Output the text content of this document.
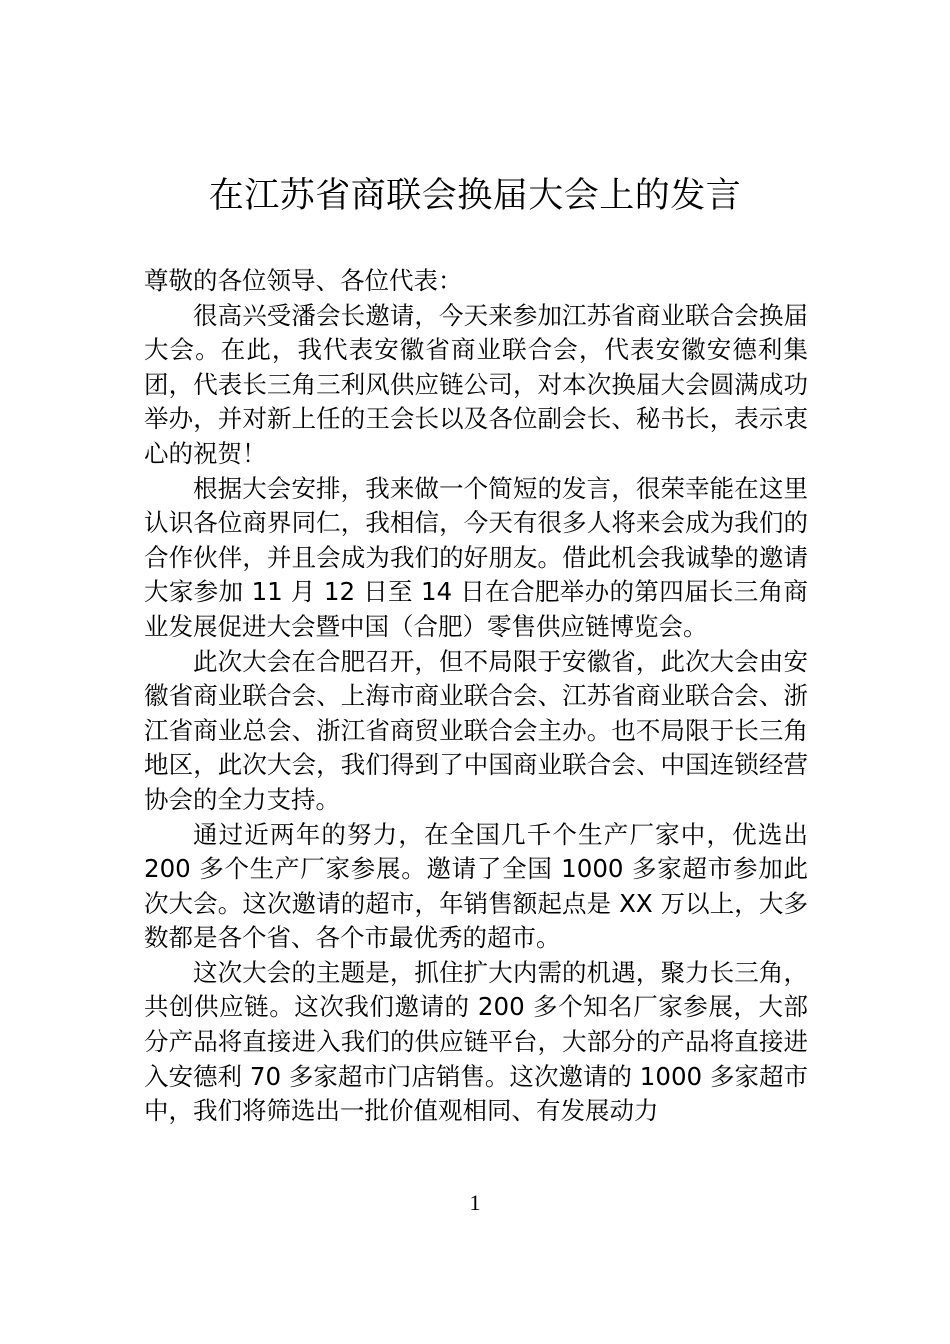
在江苏省商联会换届大会上的发言

尊敬的各位领导、各位代表：

很高兴受潘会长邀请，今天来参加江苏省商业联合会换届大会。在此，我代表安徽省商业联合会，代表安徽安德利集团，代表长三角三利风供应链公司，对本次换届大会圆满成功举办，并对新上任的王会长以及各位副会长、秘书长，表示衷心的祝贺！

根据大会安排，我来做一个简短的发言，很荣幸能在这里认识各位商界同仁，我相信，今天有很多人将来会成为我们的合作伙伴，并且会成为我们的好朋友。借此机会我诚挚的邀请大家参加 11 月 12 日至 14 日在合肥举办的第四届长三角商业发展促进大会暨中国（合肥）零售供应链博览会。

此次大会在合肥召开，但不局限于安徽省，此次大会由安徽省商业联合会、上海市商业联合会、江苏省商业联合会、浙江省商业总会、浙江省商贸业联合会主办。也不局限于长三角地区，此次大会，我们得到了中国商业联合会、中国连锁经营协会的全力支持。

通过近两年的努力，在全国几千个生产厂家中，优选出 200 多个生产厂家参展。邀请了全国 1000 多家超市参加此次大会。这次邀请的超市，年销售额起点是 XX 万以上，大多数都是各个省、各个市最优秀的超市。

这次大会的主题是，抓住扩大内需的机遇，聚力长三角，共创供应链。这次我们邀请的 200 多个知名厂家参展，大部分产品将直接进入我们的供应链平台，大部分的产品将直接进入安德利 70 多家超市门店销售。这次邀请的 1000 多家超市中，我们将筛选出一批价值观相同、有发展动力

1
